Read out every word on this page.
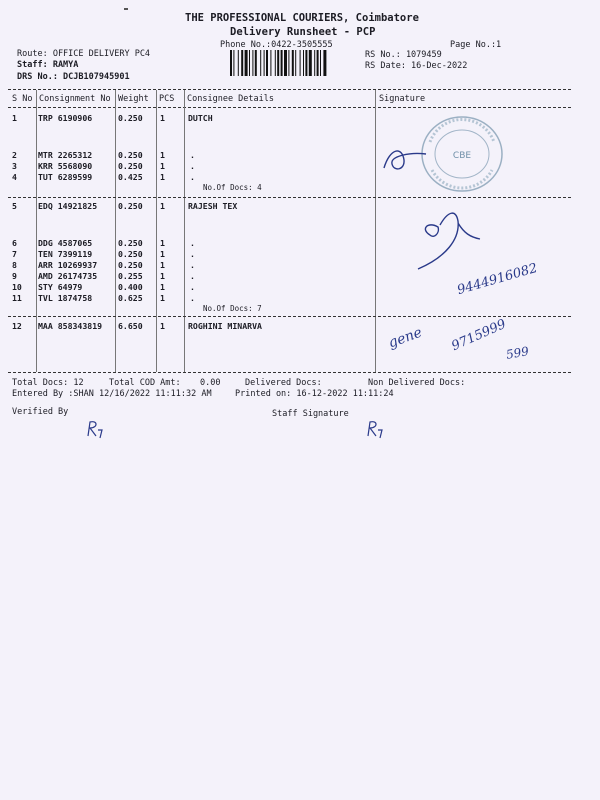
THE PROFESSIONAL COURIERS, Coimbatore
Delivery Runsheet - PCP
Phone No.:0422-3505555	Page No.:1
Route: OFFICE DELIVERY PC4
Staff: RAMYA
DRS No.: DCJB107945901
RS No.: 1079459
RS Date: 16-Dec-2022
S No Consignment No Weight PCS Consignee Details	Signature
1	TRP 6190906	0.250 1	DUTCH
2	MTR 2265312	0.250 1	.
3	KRR 5568090	0.250 1	.
4	TUT 6289599	0.425 1	.
No.Of Docs: 4
5	EDQ 14921825	0.250 1	RAJESH TEX
6	DDG 4587065	0.250 1	.
7	TEN 7399119	0.250 1	.
8	ARR 10269937	0.250 1	.
9	AMD 26174735	0.255 1	.
10 STY 64979	0.400 1	.
11 TVL 1874758	0.625 1	.
No.Of Docs: 7
12 MAA 858343819 6.650 1	ROGHINI MINARVA
Total Docs: 12	Total COD Amt: 0.00	Delivered Docs:	Non Delivered Docs:
Entered By :SHAN 12/16/2022 11:11:32 AM	Printed on: 16-12-2022 11:11:24
Verified By	Staff Signature
CBE
9444916082
gene 9715999
599
